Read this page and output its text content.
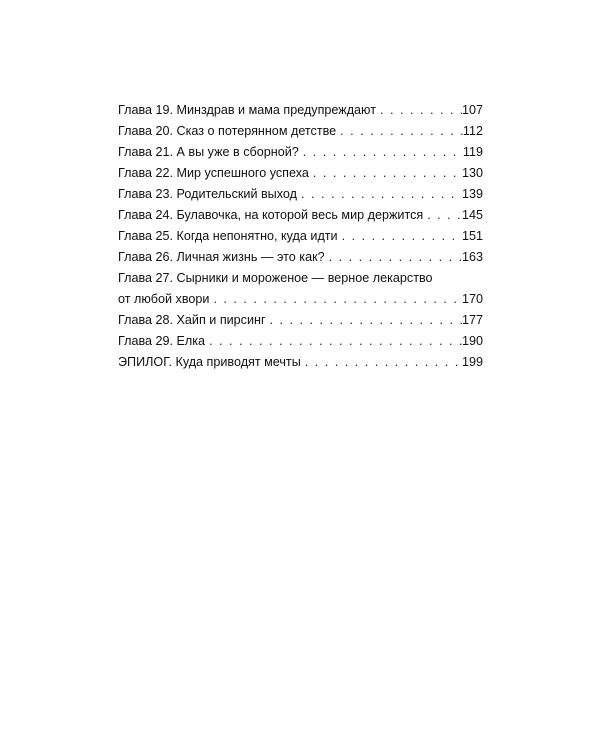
Глава 19. Минздрав и мама предупреждают . . .	107
Глава 20. Сказ о потерянном детстве . . .	112
Глава 21. А вы уже в сборной? . . .	119
Глава 22. Мир успешного успеха . . .	130
Глава 23. Родительский выход . . .	139
Глава 24. Булавочка, на которой весь мир держится . . .	145
Глава 25. Когда непонятно, куда идти . . .	151
Глава 26. Личная жизнь — это как? . . .	163
Глава 27. Сырники и мороженое — верное лекарство
от любой хвори . . .	170
Глава 28. Хайп и пирсинг . . .	177
Глава 29. Елка . . .	190
ЭПИЛОГ. Куда приводят мечты . . .	199
